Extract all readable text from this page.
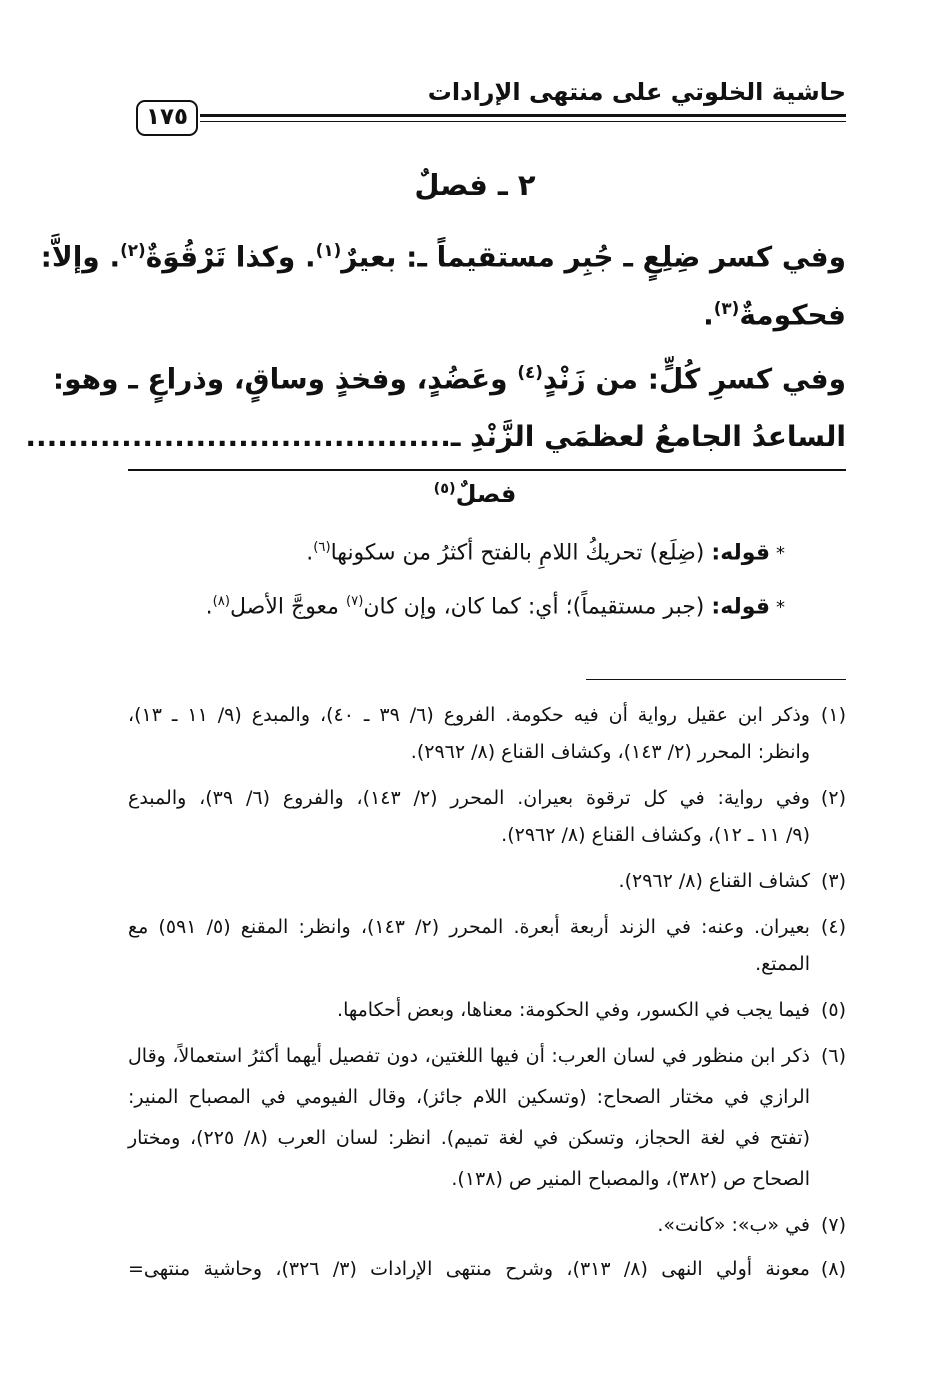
حاشية الخلوتي على منتهى الإرادات
١٧٥
٢ ـ فصلٌ
وفي كسر ضِلِعٍ ـ جُبِر مستقيماً ـ: بعيرٌ$^{(١)}$. وكذا تَرْقُوَةٌ$^{(٢)}$. وإلاَّ:
فحكومةٌ$^{(٣)}$.
وفي كسرِ كُلٍّ: من زَنْدٍ$^{(٤)}$ وعَضُدٍ، وفخذٍ وساقٍ، وذراعٍ ـ وهو:
الساعدُ الجامعُ لعظمَي الزَّنْدِ ـ........................................
فصلٌ$^{(٥)}$
*قوله: (ضِلَع) تحريكُ اللامِ بالفتح أكثرُ من سكونها$^{(٦)}$.
*قوله: (جبر مستقيماً)؛ أي: كما كان، وإن كان$^{(٧)}$ معوجَّ الأصل$^{(٨)}$.
(١)وذكر ابن عقيل رواية أن فيه حكومة. الفروع (٦/ ٣٩ ـ ٤٠)، والمبدع (٩/ ١١ ـ ١٣)،
وانظر: المحرر (٢/ ١٤٣)، وكشاف القناع (٨/ ٢٩٦٢).
(٢)وفي رواية: في كل ترقوة بعيران. المحرر (٢/ ١٤٣)، والفروع (٦/ ٣٩)، والمبدع
(٩/ ١١ ـ ١٢)، وكشاف القناع (٨/ ٢٩٦٢).
(٣)كشاف القناع (٨/ ٢٩٦٢).
(٤)بعيران. وعنه: في الزند أربعة أبعرة. المحرر (٢/ ١٤٣)، وانظر: المقنع (٥/ ٥٩١) مع
الممتع.
(٥)فيما يجب في الكسور، وفي الحكومة: معناها، وبعض أحكامها.
(٦)ذكر ابن منظور في لسان العرب: أن فيها اللغتين، دون تفصيل أيهما أكثرُ استعمالاً، وقال
الرازي في مختار الصحاح: (وتسكين اللام جائز)، وقال الفيومي في المصباح المنير:
(تفتح في لغة الحجاز، وتسكن في لغة تميم). انظر: لسان العرب (٨/ ٢٢٥)، ومختار
الصحاح ص (٣٨٢)، والمصباح المنير ص (١٣٨).
(٧)في «ب»: «كانت».
(٨)معونة أولي النهى (٨/ ٣١٣)، وشرح منتهى الإرادات (٣/ ٣٢٦)، وحاشية منتهى=
